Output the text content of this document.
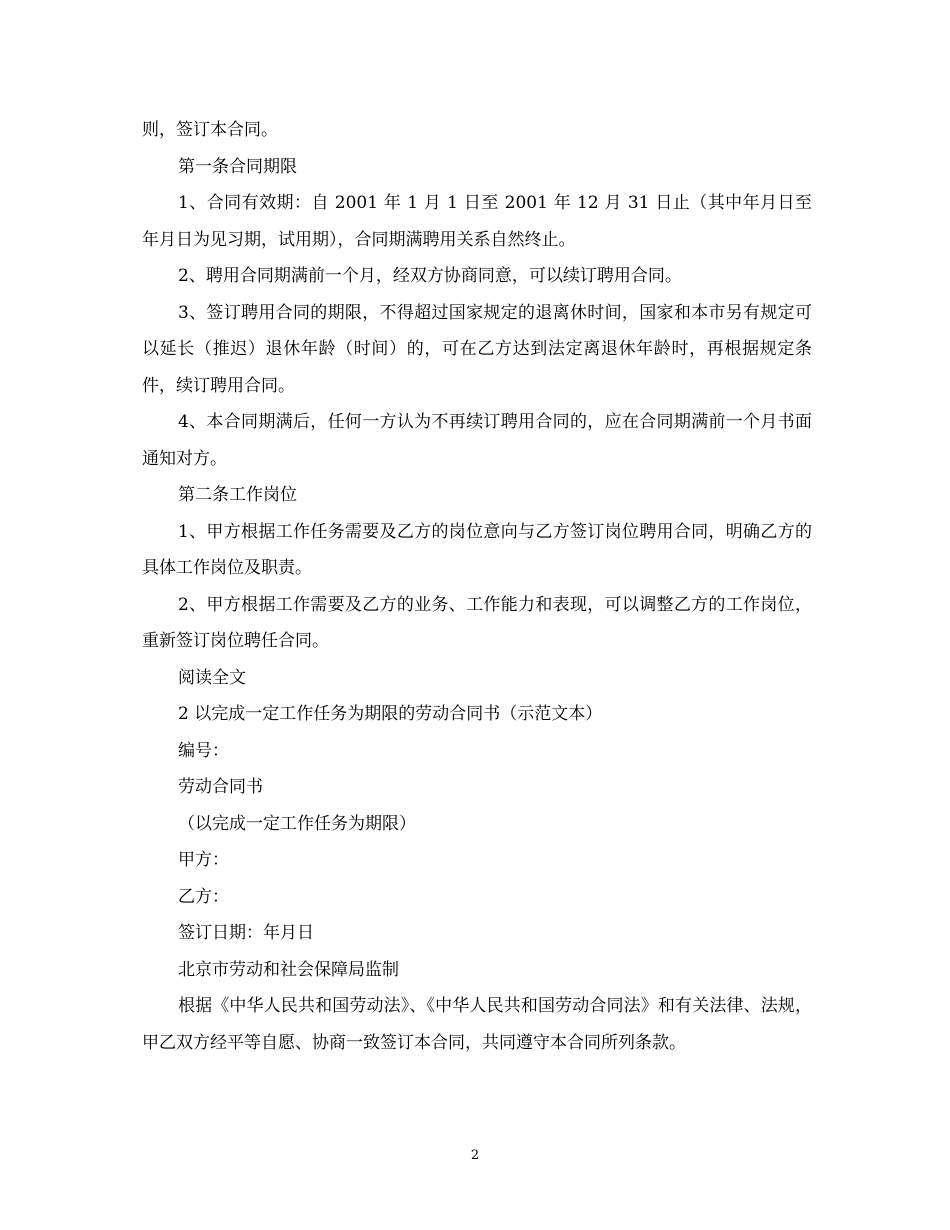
则，签订本合同。

第一条合同期限

1、合同有效期：自 2001 年 1 月 1 日至 2001 年 12 月 31 日止（其中年月日至年月日为见习期，试用期），合同期满聘用关系自然终止。

2、聘用合同期满前一个月，经双方协商同意，可以续订聘用合同。

3、签订聘用合同的期限，不得超过国家规定的退离休时间，国家和本市另有规定可以延长（推迟）退休年龄（时间）的，可在乙方达到法定离退休年龄时，再根据规定条件，续订聘用合同。

4、本合同期满后，任何一方认为不再续订聘用合同的，应在合同期满前一个月书面通知对方。

第二条工作岗位

1、甲方根据工作任务需要及乙方的岗位意向与乙方签订岗位聘用合同，明确乙方的具体工作岗位及职责。

2、甲方根据工作需要及乙方的业务、工作能力和表现，可以调整乙方的工作岗位，重新签订岗位聘任合同。

阅读全文

2 以完成一定工作任务为期限的劳动合同书（示范文本）

编号：

劳动合同书

（以完成一定工作任务为期限）

甲方：

乙方：

签订日期：年月日

北京市劳动和社会保障局监制

根据《中华人民共和国劳动法》、《中华人民共和国劳动合同法》和有关法律、法规，甲乙双方经平等自愿、协商一致签订本合同，共同遵守本合同所列条款。

2
